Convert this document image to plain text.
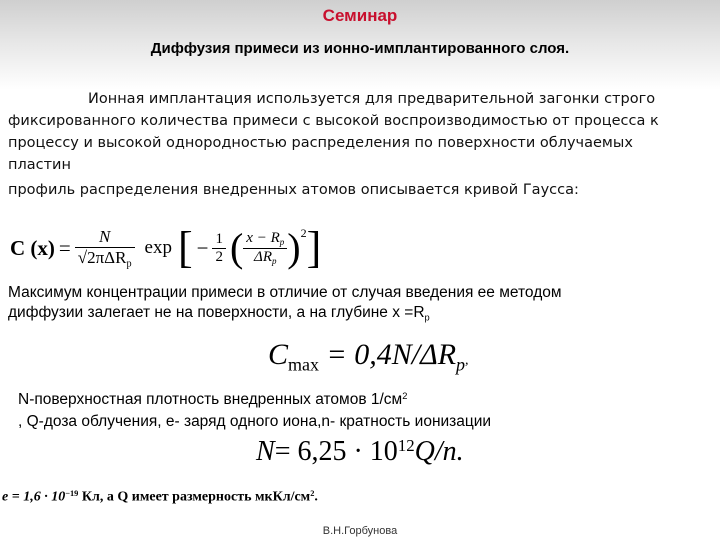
Семинар
Диффузия примеси из ионно-имплантированного слоя.
Ионная имплантация используется для предварительной загонки строго
фиксированного количества примеси с высокой воспроизводимостью от процесса к
процессу и высокой однородностью распределения по поверхности облучаемых
пластин
профиль распределения внедренных атомов описывается кривой Гаусса:
C $(x) = \frac{N}{√2\pi\Delta R_p}$ exp [ − $\frac{1}{2}$ ( $\frac{x - R_p}{\Delta R_p}$ ) 2 ]
Максимум концентрации примеси в отличие от случая введения ее методом
диффузии залегает не на поверхности, а на глубине $x =R_p$
$C_{max} = 0,4N/\Delta R_p$,
N-поверхностная плотность внедренных атомов $1/см^2$
, Q-доза облучения, е- заряд одного иона,n- кратность ионизации
$N= 6,25 \cdot 10^{12}Q/n$.
$e = 1,6 \cdot 10^{-19}$ Кл, а Q имеет размерность мкКл/$см^2$.
В.Н.Горбунова
